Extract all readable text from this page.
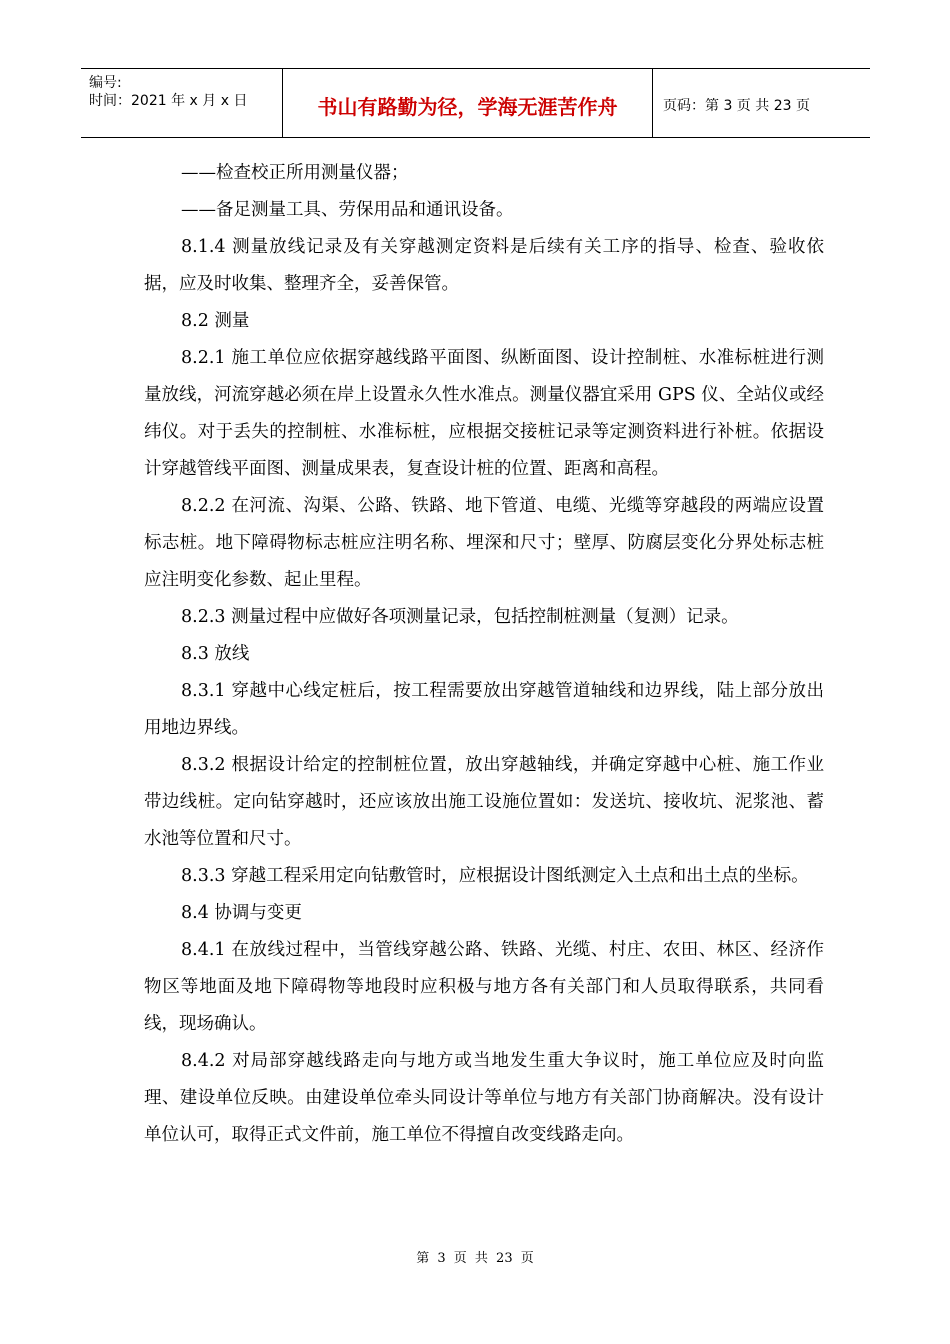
编号:
时间：2021 年 x 月 x 日	书山有路勤为径，学海无涯苦作舟	页码：第 3 页 共 23 页

——检查校正所用测量仪器；

——备足测量工具、劳保用品和通讯设备。

8.1.4 测量放线记录及有关穿越测定资料是后续有关工序的指导、检查、验收依据，应及时收集、整理齐全，妥善保管。

8.2 测量

8.2.1 施工单位应依据穿越线路平面图、纵断面图、设计控制桩、水准标桩进行测量放线，河流穿越必须在岸上设置永久性水准点。测量仪器宜采用 GPS 仪、全站仪或经纬仪。对于丢失的控制桩、水准标桩，应根据交接桩记录等定测资料进行补桩。依据设计穿越管线平面图、测量成果表，复查设计桩的位置、距离和高程。

8.2.2 在河流、沟渠、公路、铁路、地下管道、电缆、光缆等穿越段的两端应设置标志桩。地下障碍物标志桩应注明名称、埋深和尺寸；壁厚、防腐层变化分界处标志桩应注明变化参数、起止里程。

8.2.3 测量过程中应做好各项测量记录，包括控制桩测量（复测）记录。

8.3 放线

8.3.1 穿越中心线定桩后，按工程需要放出穿越管道轴线和边界线，陆上部分放出用地边界线。

8.3.2 根据设计给定的控制桩位置，放出穿越轴线，并确定穿越中心桩、施工作业带边线桩。定向钻穿越时，还应该放出施工设施位置如：发送坑、接收坑、泥浆池、蓄水池等位置和尺寸。

8.3.3 穿越工程采用定向钻敷管时，应根据设计图纸测定入土点和出土点的坐标。

8.4 协调与变更

8.4.1 在放线过程中，当管线穿越公路、铁路、光缆、村庄、农田、林区、经济作物区等地面及地下障碍物等地段时应积极与地方各有关部门和人员取得联系，共同看线，现场确认。

8.4.2 对局部穿越线路走向与地方或当地发生重大争议时，施工单位应及时向监理、建设单位反映。由建设单位牵头同设计等单位与地方有关部门协商解决。没有设计单位认可，取得正式文件前，施工单位不得擅自改变线路走向。

第 3 页 共 23 页
